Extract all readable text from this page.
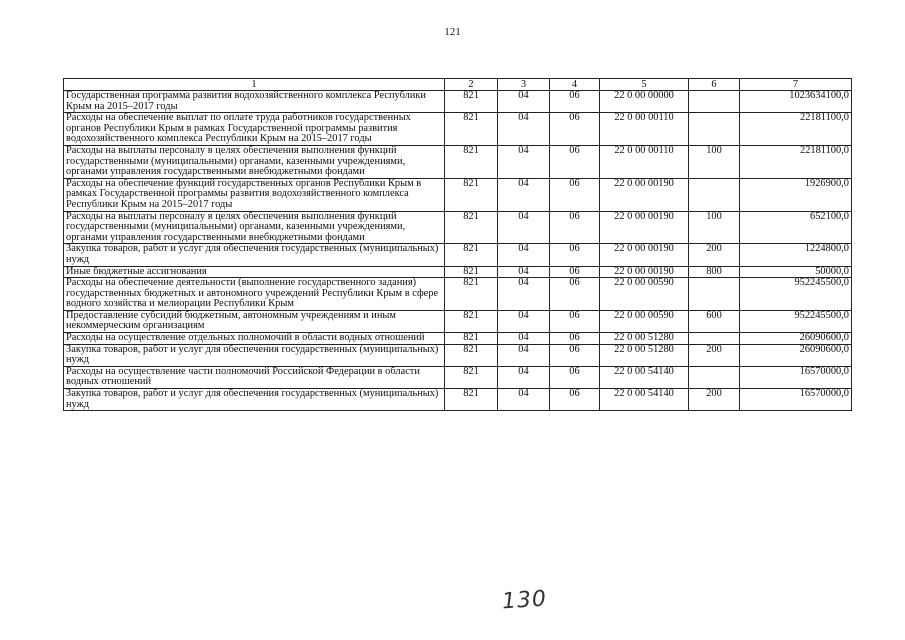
121
1	2	3	4	5	6	7
Государственная программа развития водохозяйственного комплекса Республики Крым на 2015–2017 годы	821	04	06	22 0 00 00000		1023634100,0
Расходы на обеспечение выплат по оплате труда работников государственных органов Республики Крым в рамках Государственной программы развития водохозяйственного комплекса Республики Крым на 2015–2017 годы	821	04	06	22 0 00 00110		22181100,0
Расходы на выплаты персоналу в целях обеспечения выполнения функций государственными (муниципальными) органами, казенными учреждениями, органами управления государственными внебюджетными фондами	821	04	06	22 0 00 00110	100	22181100,0
Расходы на обеспечение функций государственных органов Республики Крым в рамках Государственной программы развития водохозяйственного комплекса Республики Крым на 2015–2017 годы	821	04	06	22 0 00 00190		1926900,0
Расходы на выплаты персоналу в целях обеспечения выполнения функций государственными (муниципальными) органами, казенными учреждениями, органами управления государственными внебюджетными фондами	821	04	06	22 0 00 00190	100	652100,0
Закупка товаров, работ и услуг для обеспечения государственных (муниципальных) нужд	821	04	06	22 0 00 00190	200	1224800,0
Иные бюджетные ассигнования	821	04	06	22 0 00 00190	800	50000,0
Расходы на обеспечение деятельности (выполнение государственного задания) государственных бюджетных и автономного учреждений Республики Крым в сфере водного хозяйства и мелиорации Республики Крым	821	04	06	22 0 00 00590		952245500,0
Предоставление субсидий бюджетным, автономным учреждениям и иным некоммерческим организациям	821	04	06	22 0 00 00590	600	952245500,0
Расходы на осуществление отдельных полномочий в области водных отношений	821	04	06	22 0 00 51280		26090600,0
Закупка товаров, работ и услуг для обеспечения государственных (муниципальных) нужд	821	04	06	22 0 00 51280	200	26090600,0
Расходы на осуществление части полномочий Российской Федерации в области водных отношений	821	04	06	22 0 00 54140		16570000,0
Закупка товаров, работ и услуг для обеспечения государственных (муниципальных) нужд	821	04	06	22 0 00 54140	200	16570000,0
130
